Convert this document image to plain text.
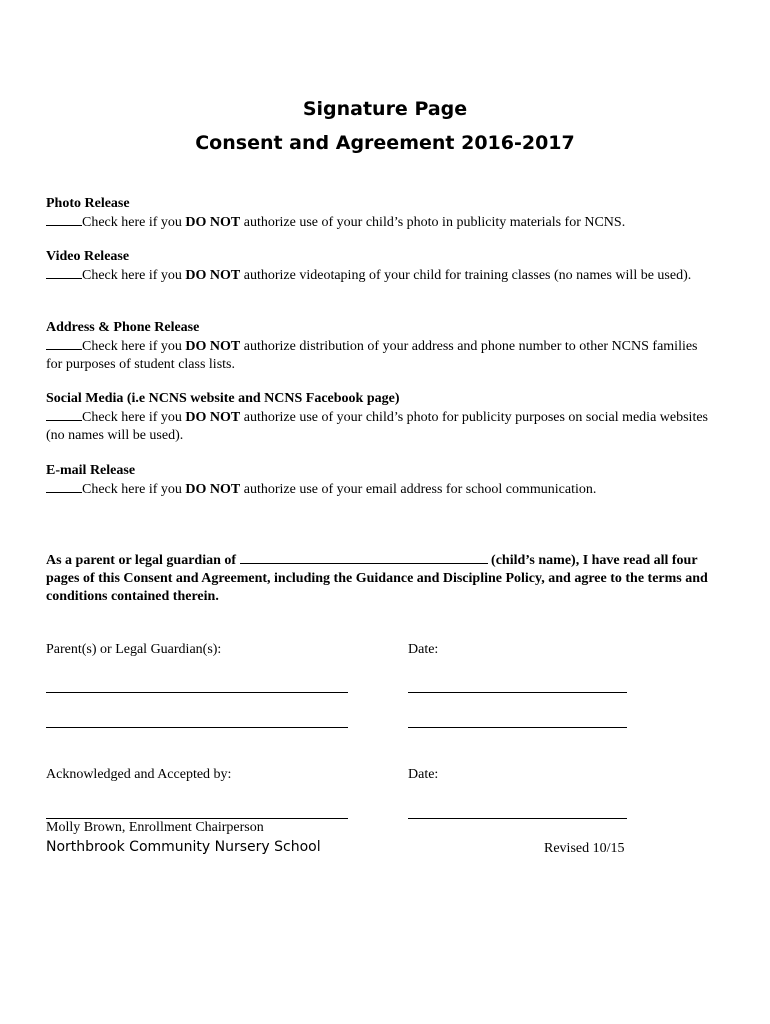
Signature Page
Consent and Agreement 2016-2017
Photo Release
Check here if you DO NOT authorize use of your child’s photo in publicity materials for NCNS.
Video Release
Check here if you DO NOT authorize videotaping of your child for training classes (no names will be used).
Address & Phone Release
Check here if you DO NOT authorize distribution of your address and phone number to other NCNS families for purposes of student class lists.
Social Media (i.e NCNS website and NCNS Facebook page)
Check here if you DO NOT authorize use of your child’s photo for publicity purposes on social media websites (no names will be used).
E-mail Release
Check here if you DO NOT authorize use of your email address for school communication.
As a parent or legal guardian of	(child’s name), I have read all four pages of this Consent and Agreement, including the Guidance and Discipline Policy, and agree to the terms and conditions contained therein.
Parent(s) or Legal Guardian(s):	Date:
Acknowledged and Accepted by:	Date:
Molly Brown, Enrollment Chairperson
Northbrook Community Nursery School	Revised 10/15
